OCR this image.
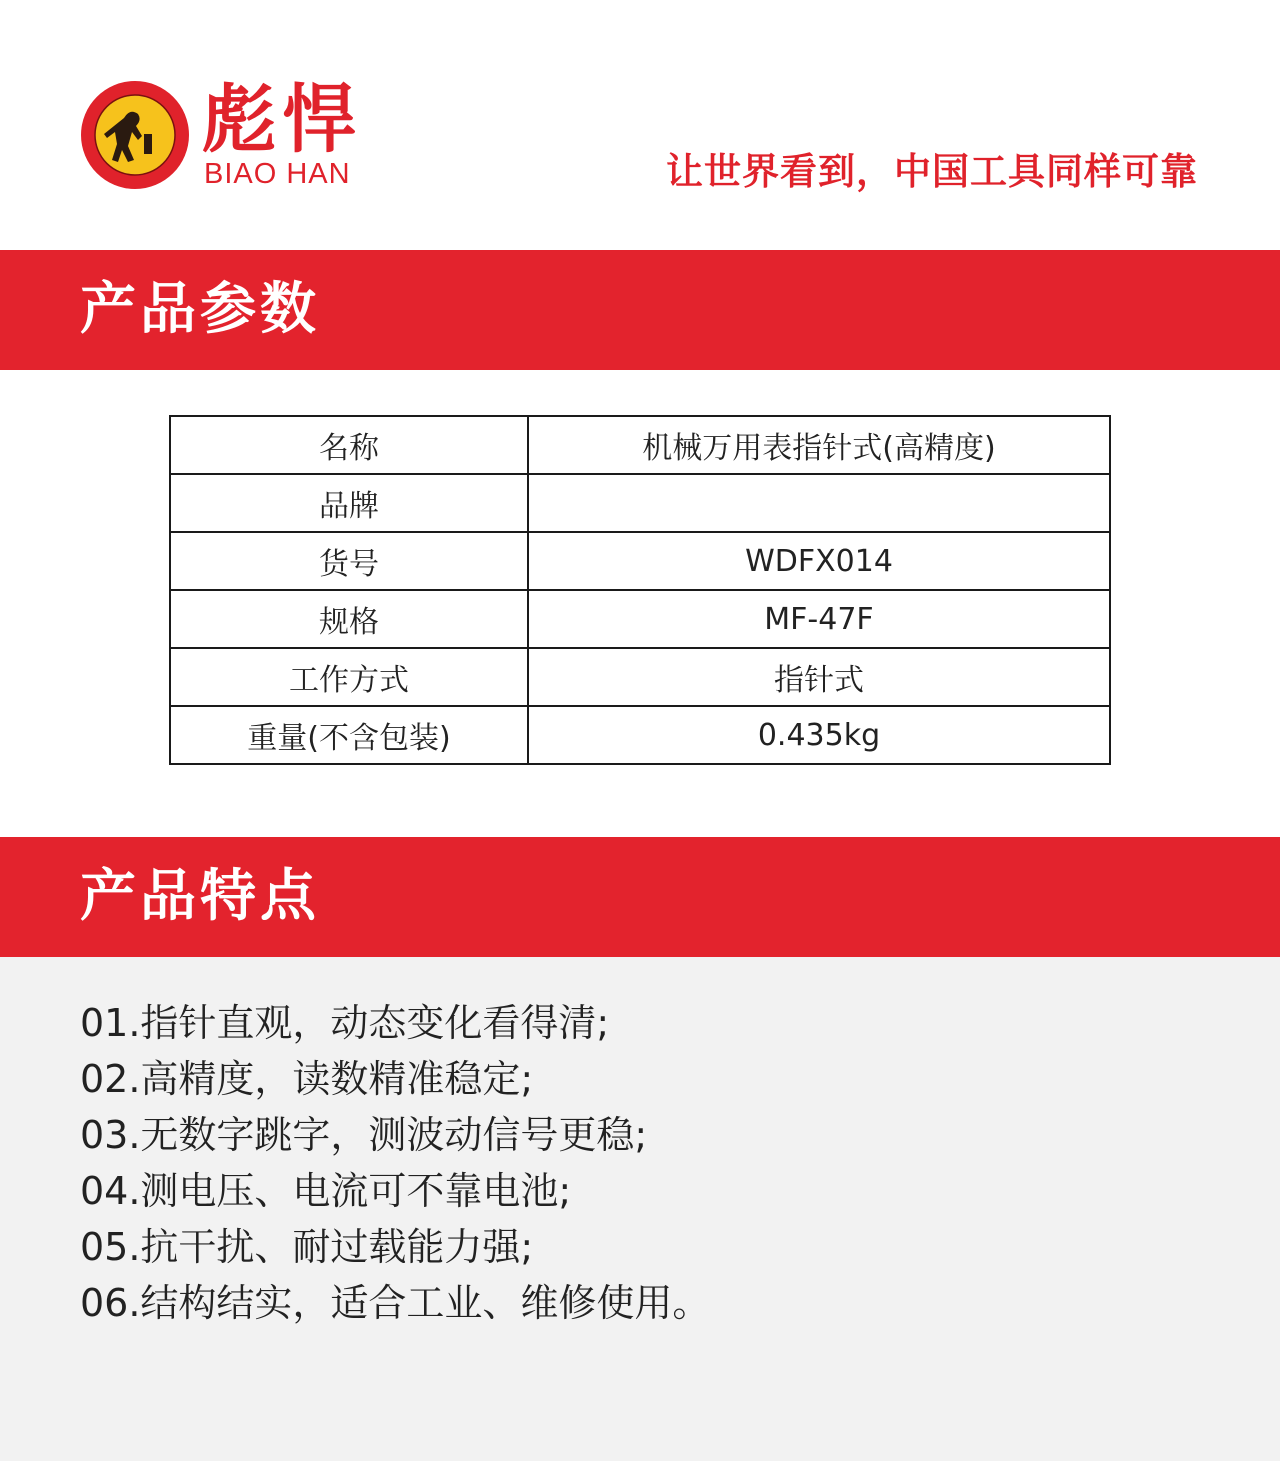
彪悍
BIAO HAN	让世界看到，中国工具同样可靠
产品参数
名称	机械万用表指针式(高精度)
品牌	
货号	WDFX014
规格	MF-47F
工作方式	指针式
重量(不含包装)	0.435kg
产品特点
01.指针直观，动态变化看得清;
02.高精度，读数精准稳定;
03.无数字跳字，测波动信号更稳;
04.测电压、电流可不靠电池;
05.抗干扰、耐过载能力强;
06.结构结实，适合工业、维修使用。
